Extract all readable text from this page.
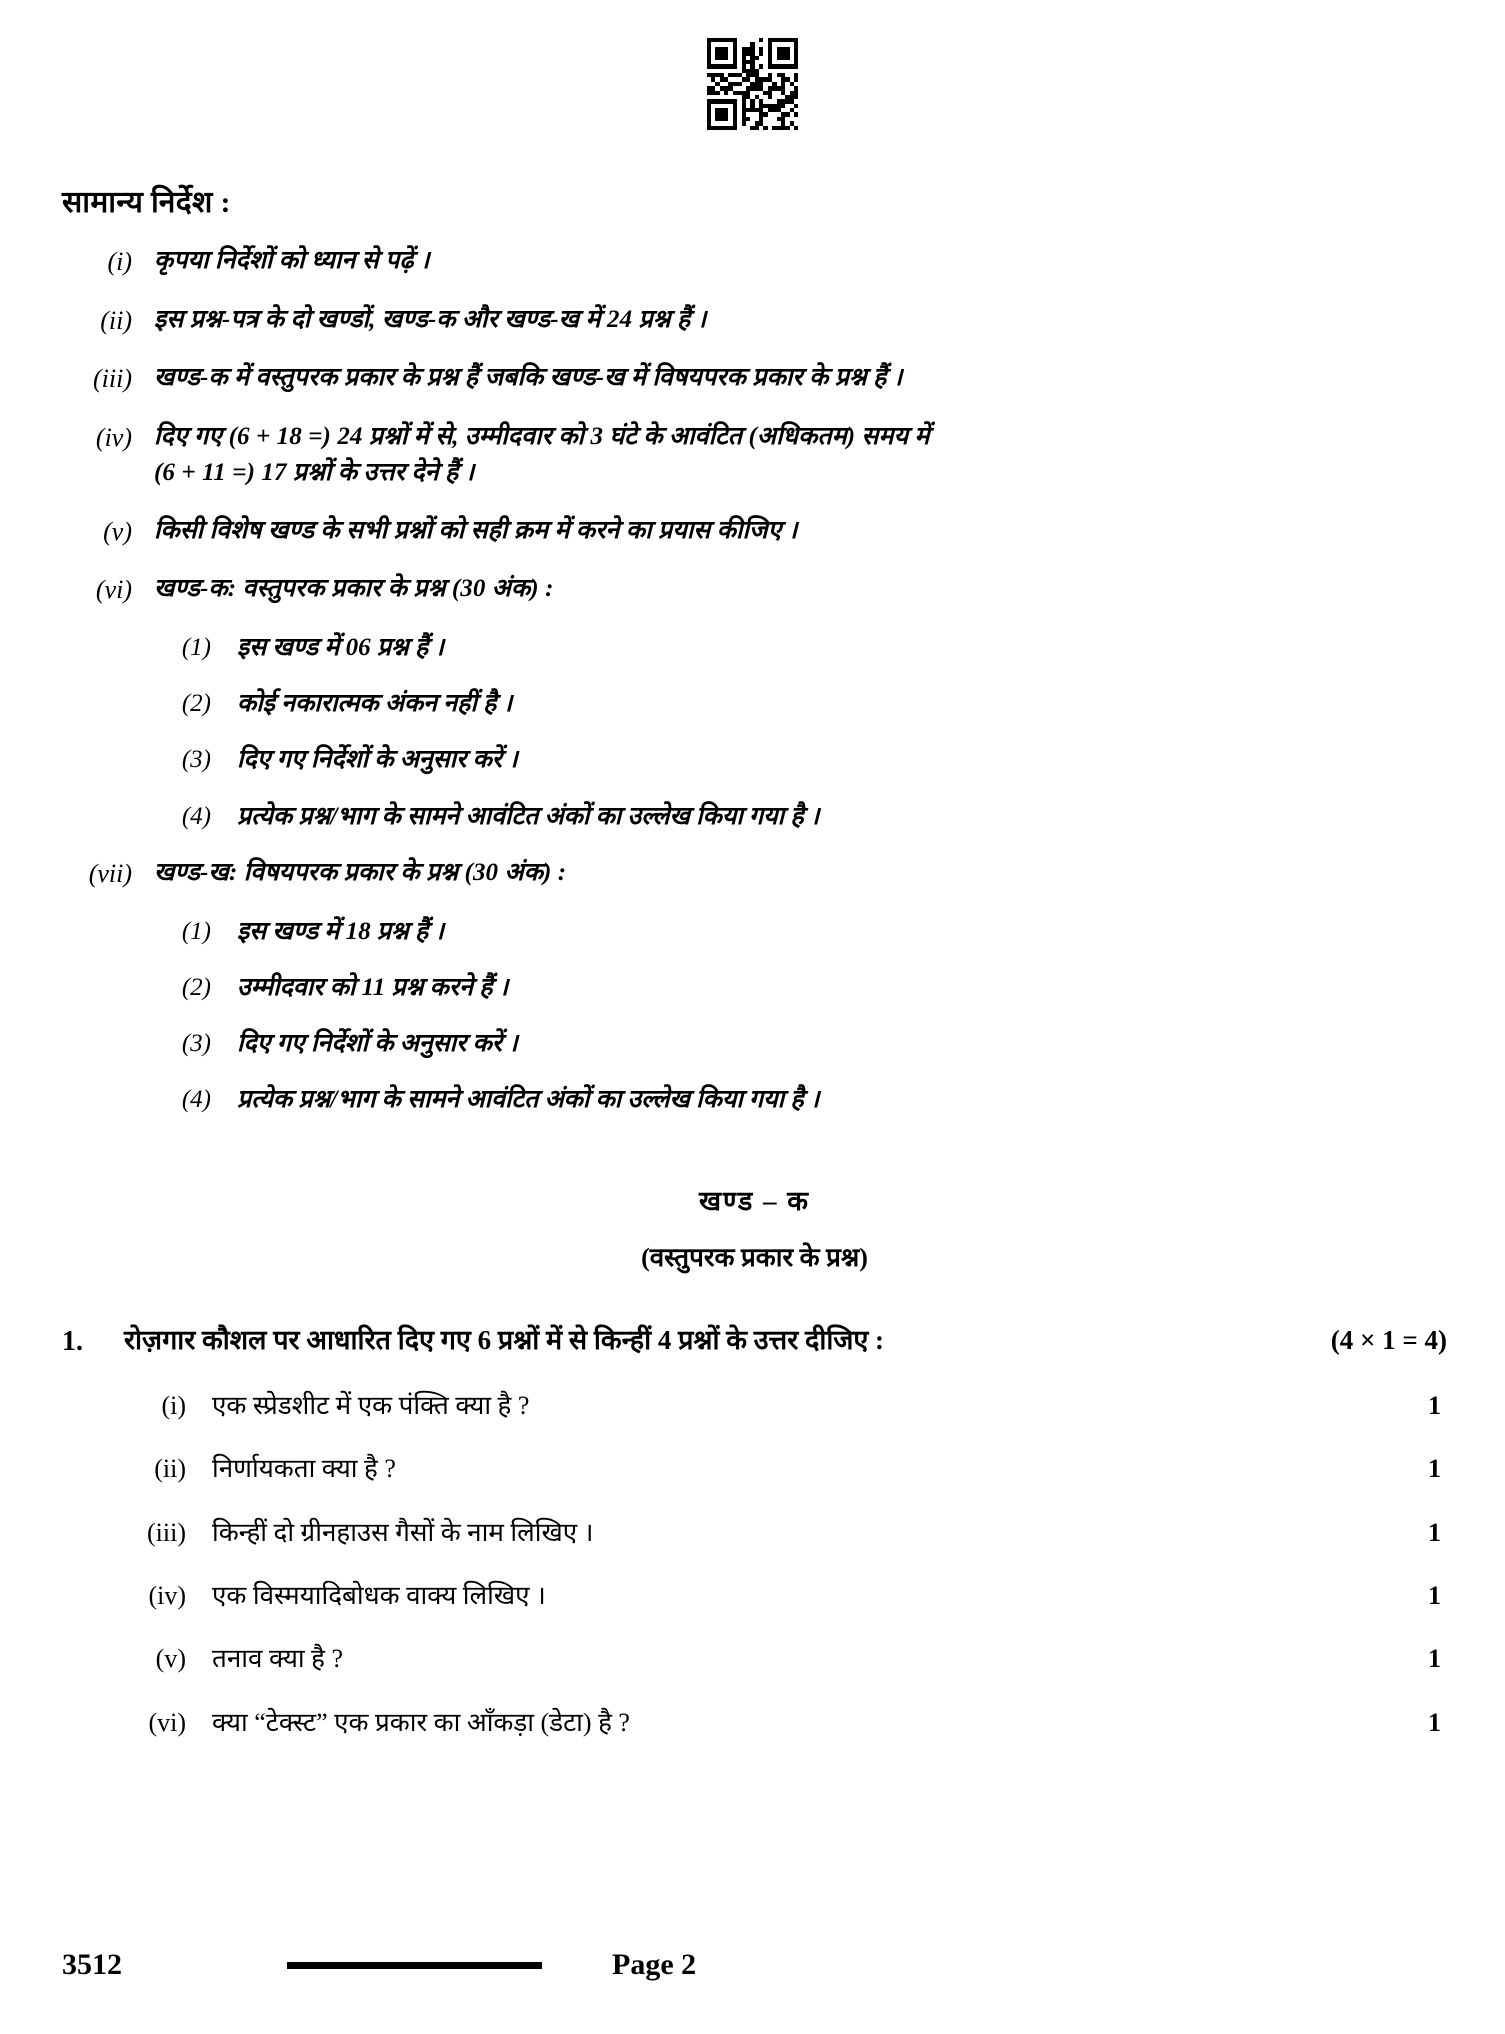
सामान्य निर्देश :
(i) कृपया निर्देशों को ध्यान से पढ़ें ।
(ii) इस प्रश्न-पत्र के दो खण्डों, खण्ड-क और खण्ड-ख में 24 प्रश्न हैं ।
(iii) खण्ड-क में वस्तुपरक प्रकार के प्रश्न हैं जबकि खण्ड-ख में विषयपरक प्रकार के प्रश्न हैं ।
(iv) दिए गए (6 + 18 =) 24 प्रश्नों में से, उम्मीदवार को 3 घंटे के आवंटित (अधिकतम) समय में
(6 + 11 =) 17 प्रश्नों के उत्तर देने हैं ।
(v) किसी विशेष खण्ड के सभी प्रश्नों को सही क्रम में करने का प्रयास कीजिए ।
(vi) खण्ड-क: वस्तुपरक प्रकार के प्रश्न (30 अंक) :
(1)	इस खण्ड में 06 प्रश्न हैं ।
(2)	कोई नकारात्मक अंकन नहीं है ।
(3)	दिए गए निर्देशों के अनुसार करें ।
(4)	प्रत्येक प्रश्न/भाग के सामने आवंटित अंकों का उल्लेख किया गया है ।
(vii) खण्ड-ख: विषयपरक प्रकार के प्रश्न (30 अंक) :
(1)	इस खण्ड में 18 प्रश्न हैं ।
(2)	उम्मीदवार को 11 प्रश्न करने हैं ।
(3)	दिए गए निर्देशों के अनुसार करें ।
(4)	प्रत्येक प्रश्न/भाग के सामने आवंटित अंकों का उल्लेख किया गया है ।
खण्ड – क
(वस्तुपरक प्रकार के प्रश्न)
1.	रोज़गार कौशल पर आधारित दिए गए 6 प्रश्नों में से किन्हीं 4 प्रश्नों के उत्तर दीजिए :	(4 × 1 = 4)
(i)	एक स्प्रेडशीट में एक पंक्ति क्या है ?	1
(ii)	निर्णायकता क्या है ?	1
(iii)	किन्हीं दो ग्रीनहाउस गैसों के नाम लिखिए ।	1
(iv)	एक विस्मयादिबोधक वाक्य लिखिए ।	1
(v)	तनाव क्या है ?	1
(vi)	क्या “टेक्स्ट” एक प्रकार का आँकड़ा (डेटा) है ?	1
3512	Page 2
